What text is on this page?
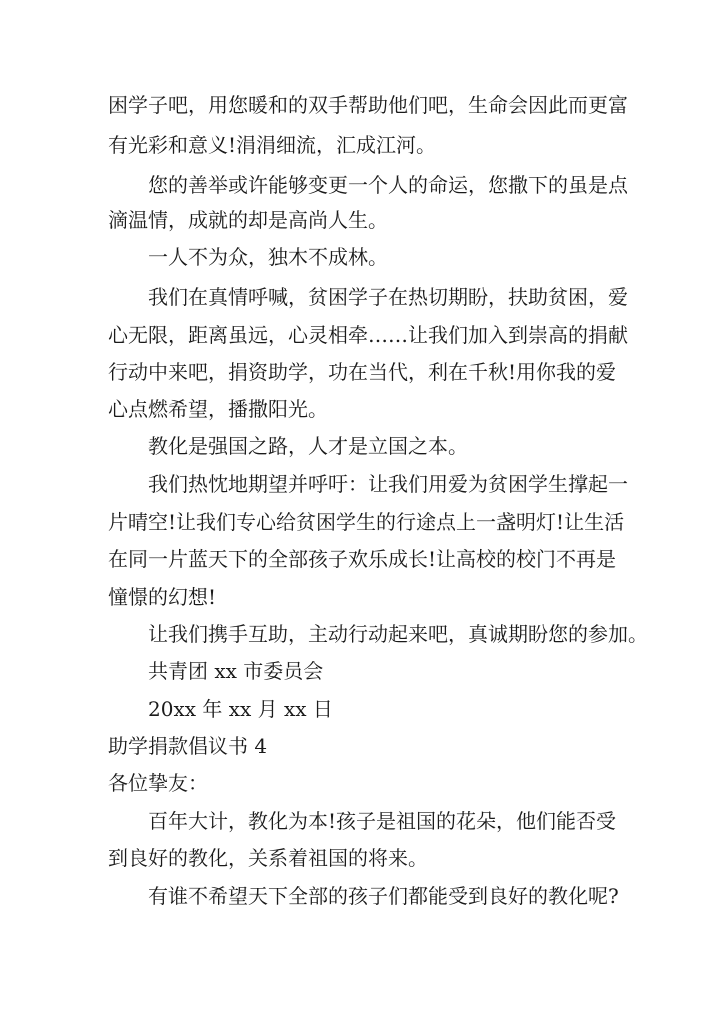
困学子吧，用您暖和的双手帮助他们吧，生命会因此而更富
有光彩和意义!涓涓细流，汇成江河。
您的善举或许能够变更一个人的命运，您撒下的虽是点
滴温情，成就的却是高尚人生。
一人不为众，独木不成林。
我们在真情呼喊，贫困学子在热切期盼，扶助贫困，爱
心无限，距离虽远，心灵相牵……让我们加入到崇高的捐献
行动中来吧，捐资助学，功在当代，利在千秋!用你我的爱
心点燃希望，播撒阳光。
教化是强国之路，人才是立国之本。
我们热忱地期望并呼吁：让我们用爱为贫困学生撑起一
片晴空!让我们专心给贫困学生的行途点上一盏明灯!让生活
在同一片蓝天下的全部孩子欢乐成长!让高校的校门不再是
憧憬的幻想!
让我们携手互助，主动行动起来吧，真诚期盼您的参加。
共青团 xx 市委员会
20xx 年 xx 月 xx 日
助学捐款倡议书 4
各位挚友：
百年大计，教化为本!孩子是祖国的花朵，他们能否受
到良好的教化，关系着祖国的将来。
有谁不希望天下全部的孩子们都能受到良好的教化呢?
